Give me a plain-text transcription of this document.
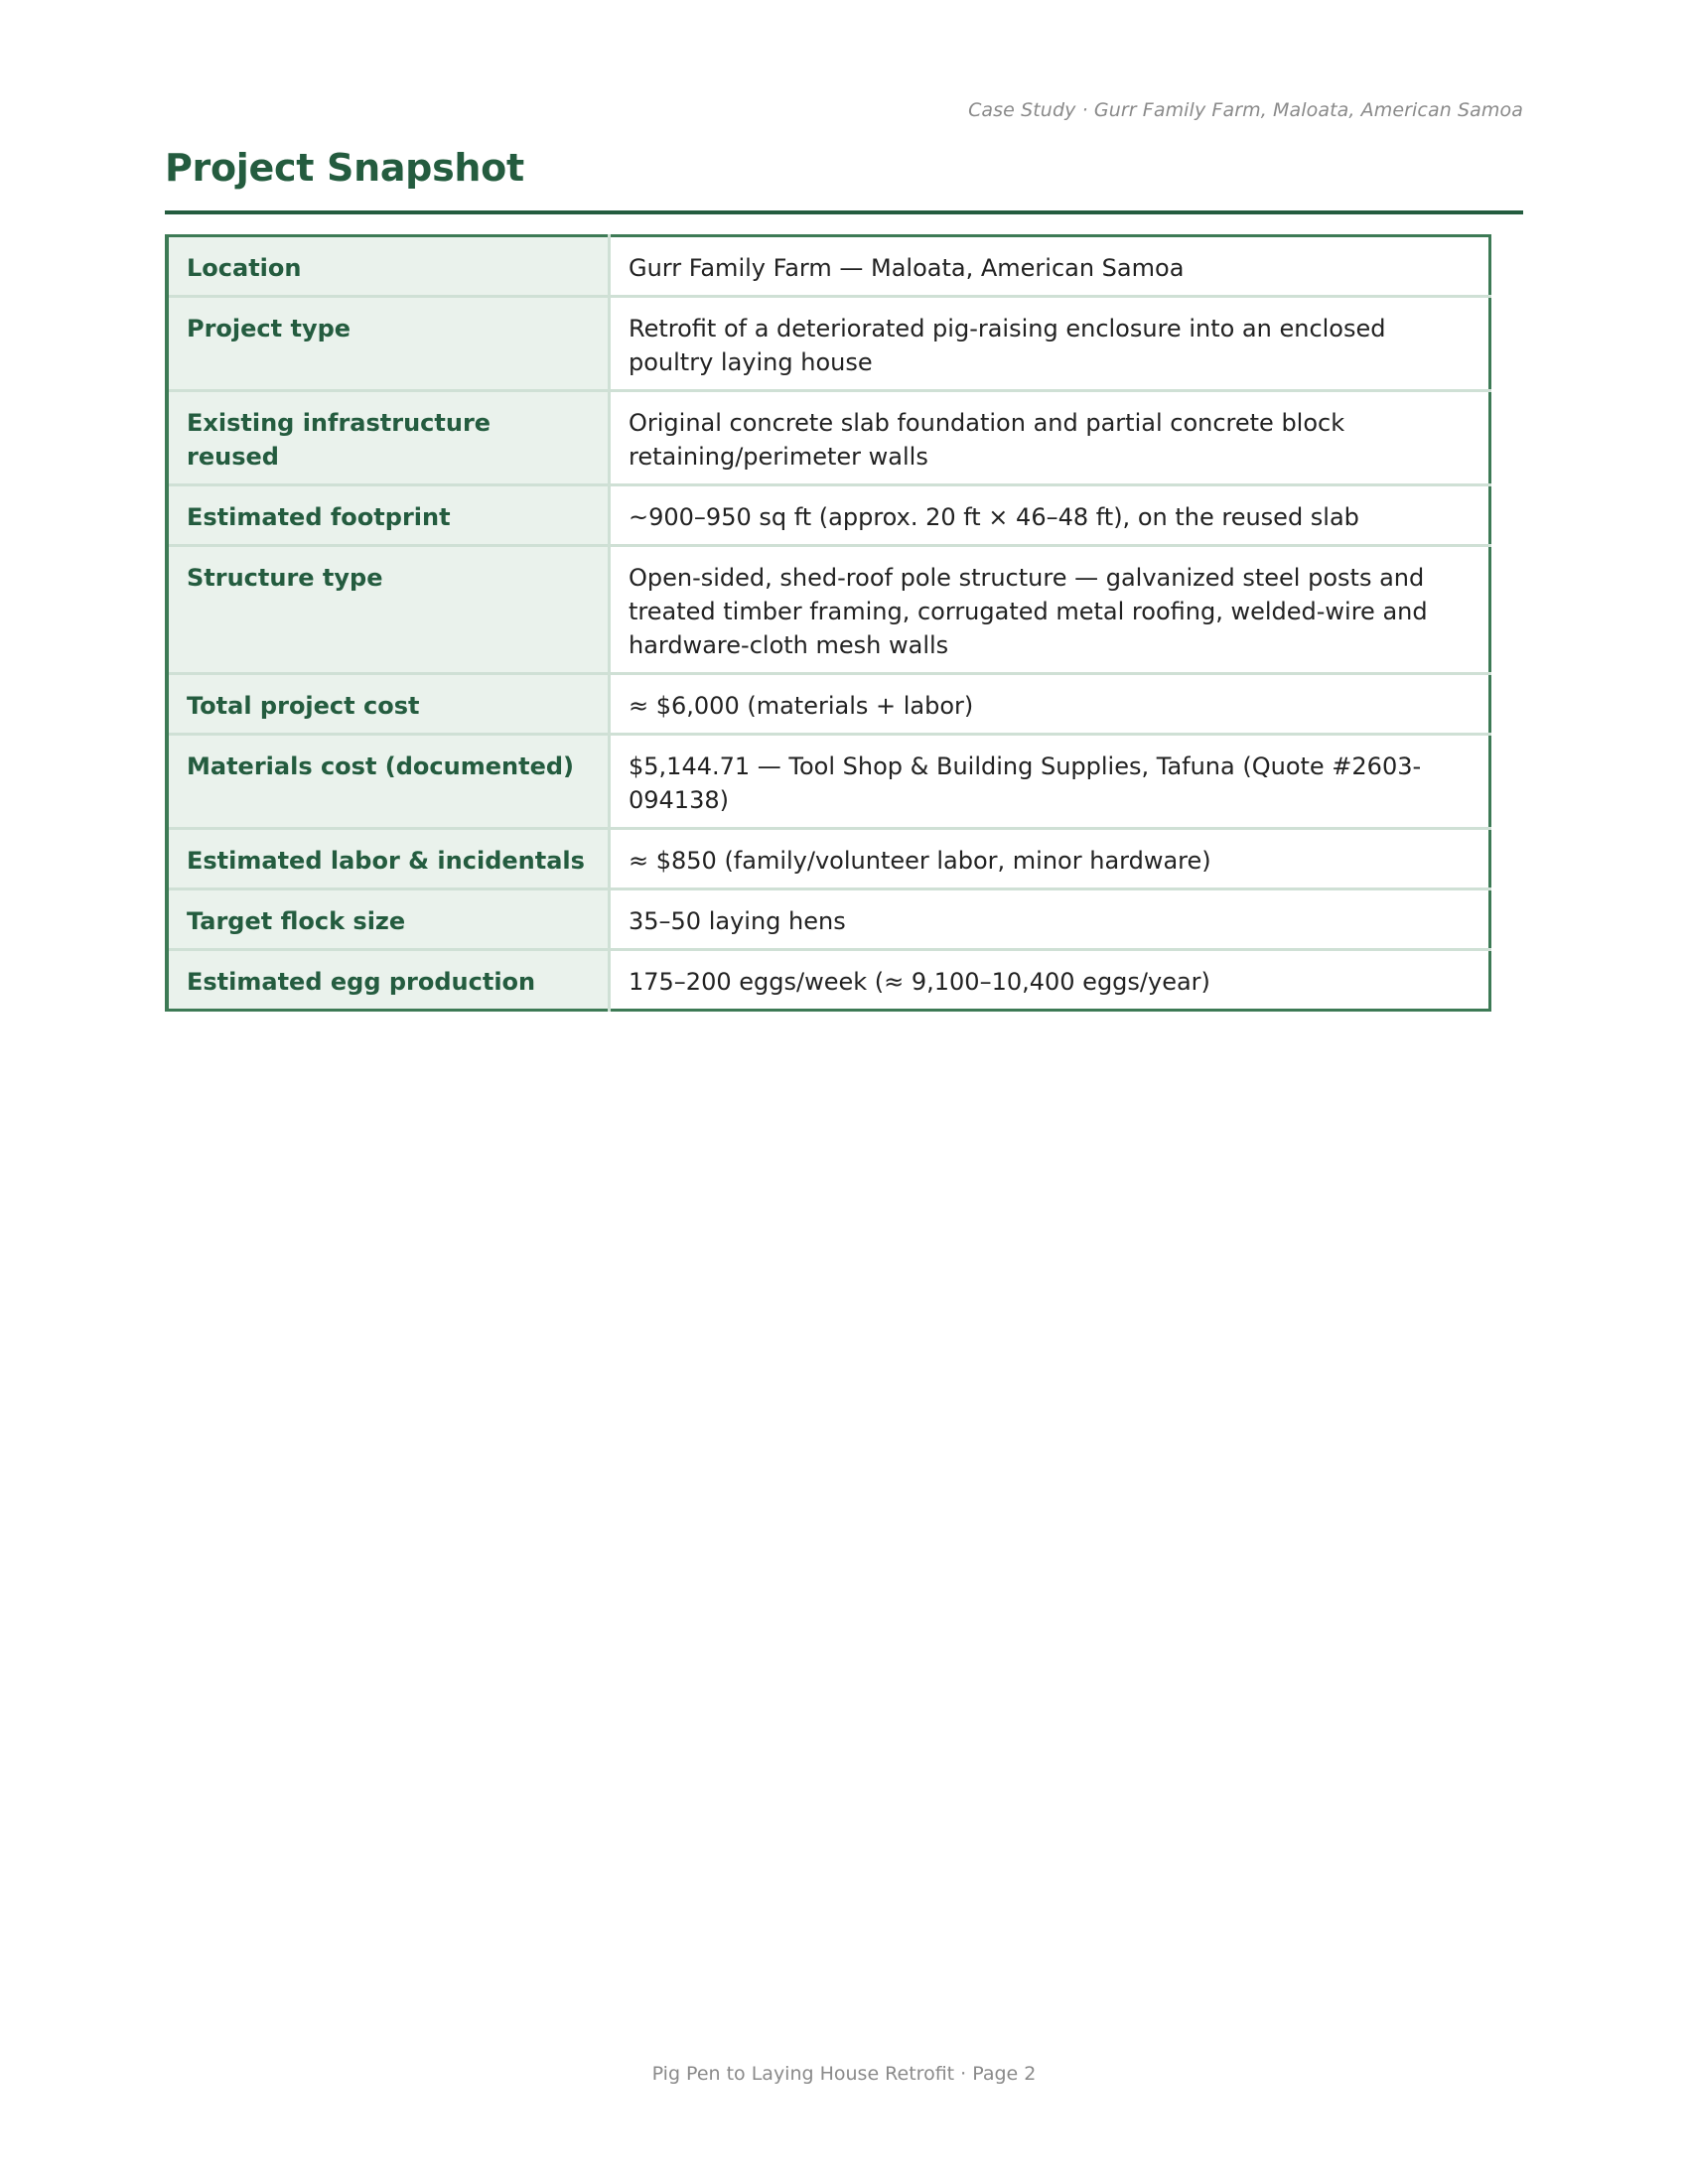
Case Study · Gurr Family Farm, Maloata, American Samoa
Project Snapshot
Location	Gurr Family Farm — Maloata, American Samoa
Project type	Retrofit of a deteriorated pig-raising enclosure into an enclosed poultry laying house
Existing infrastructure reused	Original concrete slab foundation and partial concrete block retaining/perimeter walls
Estimated footprint	~900–950 sq ft (approx. 20 ft × 46–48 ft), on the reused slab
Structure type	Open-sided, shed-roof pole structure — galvanized steel posts and treated timber framing, corrugated metal roofing, welded-wire and hardware-cloth mesh walls
Total project cost	≈ $6,000 (materials + labor)
Materials cost (documented)	$5,144.71 — Tool Shop & Building Supplies, Tafuna (Quote #2603-094138)
Estimated labor & incidentals	≈ $850 (family/volunteer labor, minor hardware)
Target flock size	35–50 laying hens
Estimated egg production	175–200 eggs/week (≈ 9,100–10,400 eggs/year)
Pig Pen to Laying House Retrofit · Page 2
